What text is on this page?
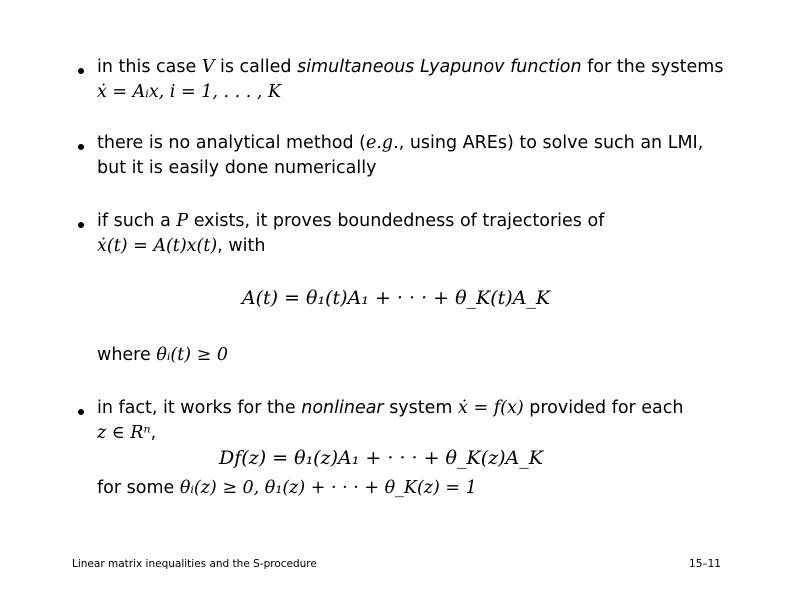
in this case V is called simultaneous Lyapunov function for the systems
ẋ = Aᵢx, i = 1, . . . , K
there is no analytical method (e.g., using AREs) to solve such an LMI,
but it is easily done numerically
if such a P exists, it proves boundedness of trajectories of
ẋ(t) = A(t)x(t), with
A(t) = θ₁(t)A₁ + · · · + θ_K(t)A_K
where θᵢ(t) ≥ 0
in fact, it works for the nonlinear system ẋ = f(x) provided for each
z ∈ Rⁿ,
Df(z) = θ₁(z)A₁ + · · · + θ_K(z)A_K
for some θᵢ(z) ≥ 0, θ₁(z) + · · · + θ_K(z) = 1
Linear matrix inequalities and the S-procedure	15–11
